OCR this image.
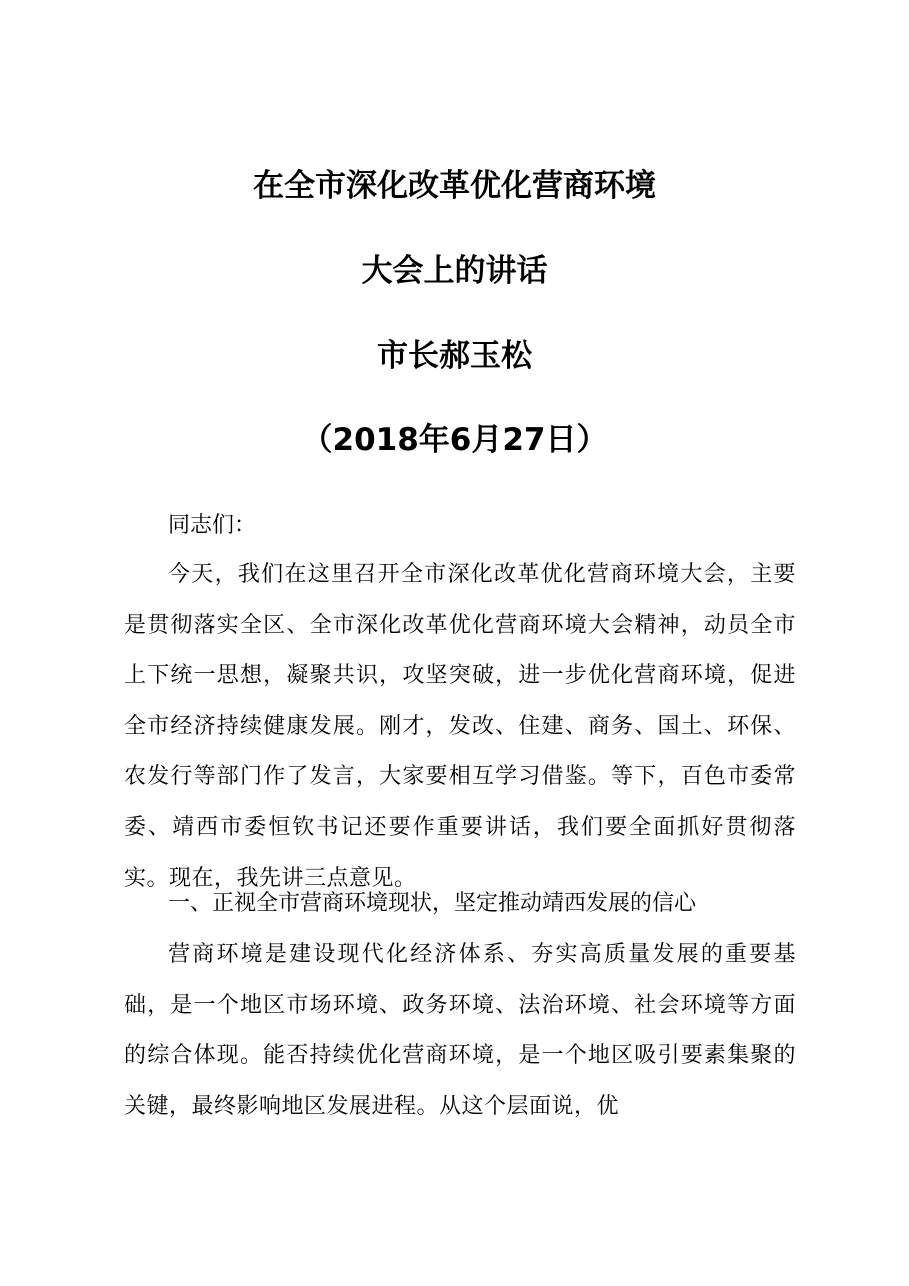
在全市深化改革优化营商环境
大会上的讲话
市长郝玉松
（2018年6月27日）
同志们：
今天，我们在这里召开全市深化改革优化营商环境大会，主要是贯彻落实全区、全市深化改革优化营商环境大会精神，动员全市上下统一思想，凝聚共识，攻坚突破，进一步优化营商环境，促进全市经济持续健康发展。刚才，发改、住建、商务、国土、环保、农发行等部门作了发言，大家要相互学习借鉴。等下，百色市委常委、靖西市委恒钦书记还要作重要讲话，我们要全面抓好贯彻落实。现在，我先讲三点意见。
一、正视全市营商环境现状，坚定推动靖西发展的信心
营商环境是建设现代化经济体系、夯实高质量发展的重要基础，是一个地区市场环境、政务环境、法治环境、社会环境等方面的综合体现。能否持续优化营商环境，是一个地区吸引要素集聚的关键，最终影响地区发展进程。从这个层面说，优
